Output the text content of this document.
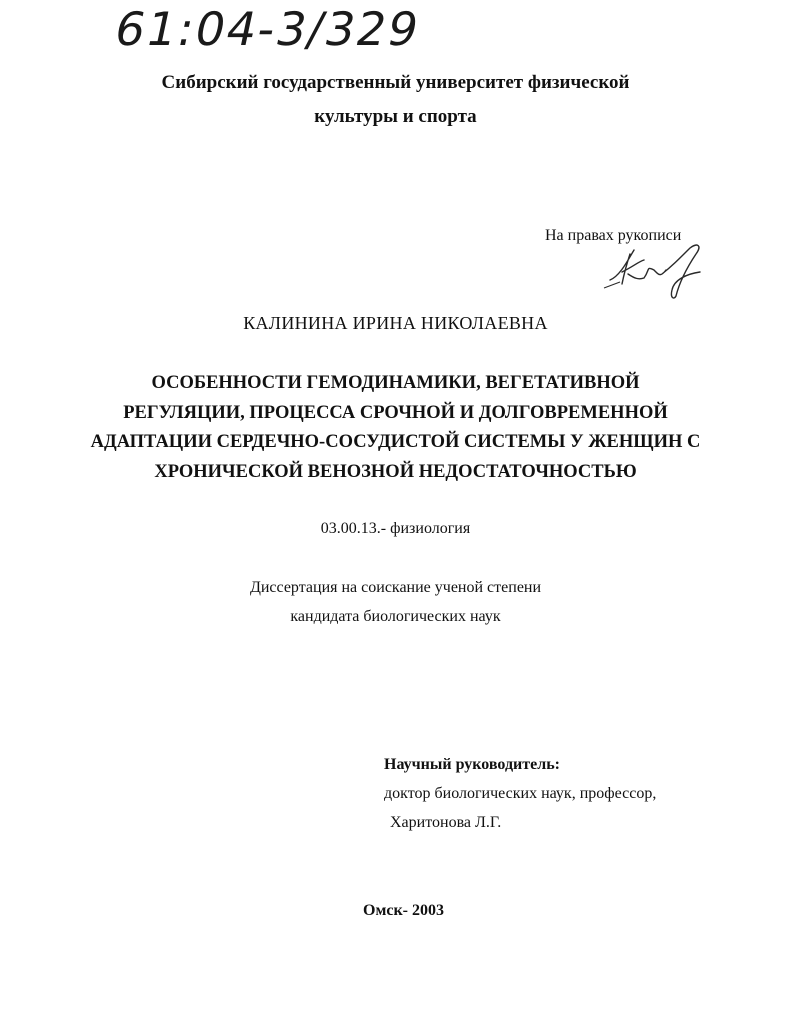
61:04-3/329
Сибирский государственный университет физической
культуры и спорта
На правах рукописи
КАЛИНИНА ИРИНА НИКОЛАЕВНА
ОСОБЕННОСТИ ГЕМОДИНАМИКИ, ВЕГЕТАТИВНОЙ
РЕГУЛЯЦИИ, ПРОЦЕССА СРОЧНОЙ И ДОЛГОВРЕМЕННОЙ
АДАПТАЦИИ СЕРДЕЧНО-СОСУДИСТОЙ СИСТЕМЫ У ЖЕНЩИН С
ХРОНИЧЕСКОЙ ВЕНОЗНОЙ НЕДОСТАТОЧНОСТЬЮ
03.00.13.- физиология
Диссертация на соискание ученой степени
кандидата биологических наук
Научный руководитель:
доктор биологических наук, профессор,
Харитонова Л.Г.
Омск- 2003
